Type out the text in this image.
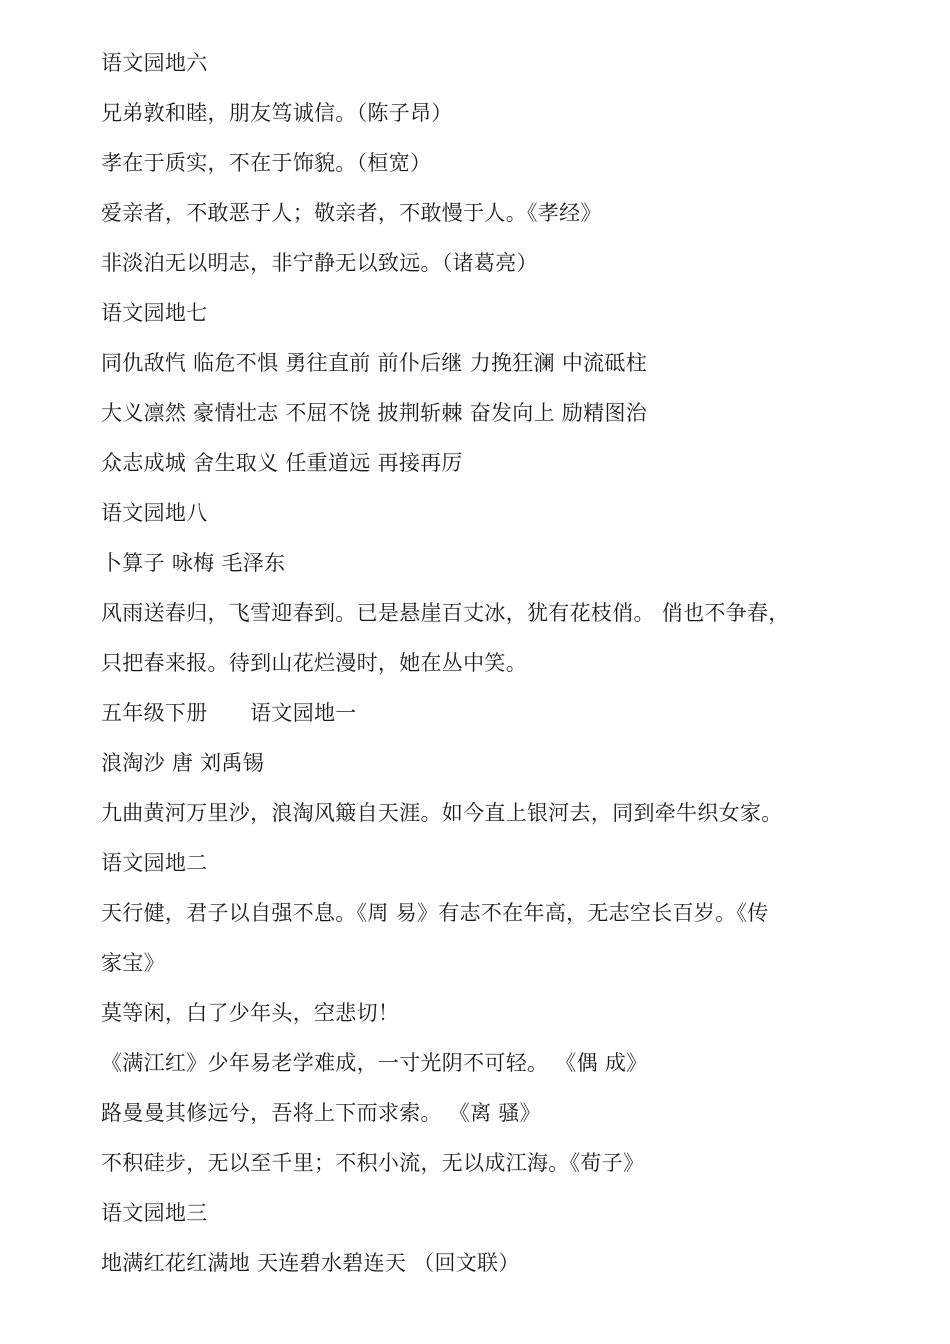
语文园地六
兄弟敦和睦，朋友笃诚信。（陈子昂）
孝在于质实，不在于饰貌。（桓宽）
爱亲者，不敢恶于人；敬亲者，不敢慢于人。《孝经》
非淡泊无以明志，非宁静无以致远。（诸葛亮）
语文园地七
同仇敌忾 临危不惧 勇往直前 前仆后继 力挽狂澜 中流砥柱
大义凛然 豪情壮志 不屈不饶 披荆斩棘 奋发向上 励精图治
众志成城 舍生取义 任重道远 再接再厉
语文园地八
卜算子 咏梅 毛泽东
风雨送春归，飞雪迎春到。已是悬崖百丈冰，犹有花枝俏。 俏也不争春，
只把春来报。待到山花烂漫时，她在丛中笑。
五年级下册　　语文园地一
浪淘沙 唐 刘禹锡
九曲黄河万里沙，浪淘风簸自天涯。如今直上银河去，同到牵牛织女家。
语文园地二
天行健，君子以自强不息。《周 易》有志不在年高，无志空长百岁。《传
家宝》
莫等闲，白了少年头，空悲切！
《满江红》少年易老学难成，一寸光阴不可轻。 《偶 成》
路曼曼其修远兮，吾将上下而求索。 《离 骚》
不积硅步，无以至千里；不积小流，无以成江海。《荀子》
语文园地三
地满红花红满地 天连碧水碧连天 （回文联）
